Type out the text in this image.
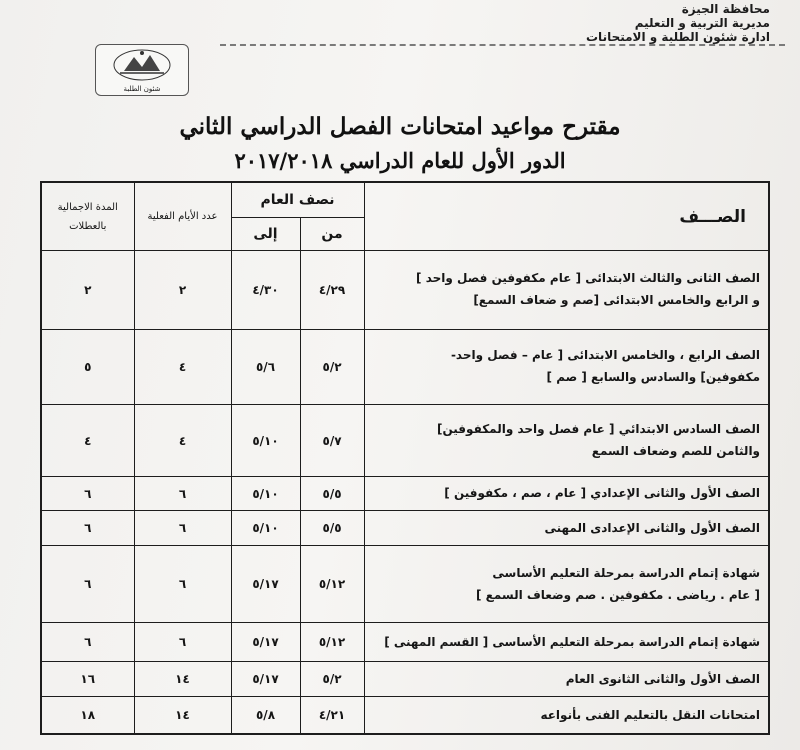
محافظة الجيزة
مديرية التربية و التعليم
ادارة شئون الطلبة و الامتحانات
شئون الطلبة
مقترح مواعيد امتحانات الفصل الدراسي الثاني
الدور الأول للعام الدراسي ٢٠١٧/٢٠١٨
الصـــف	نصف العام		عدد الأيام الفعلية	المدة الاجمالية بالعطلات
	من	إلى		

الصف الثانى والثالث الابتدائى [ عام مكفوفين فصل واحد ]
و الرابع والخامس الابتدائى [صم و ضعاف السمع]	٤/٢٩	٤/٣٠	٢	٢

الصف الرابع ، والخامس الابتدائى [ عام – فصل واحد-
مكفوفين] والسادس والسابع [ صم ]	٥/٢	٥/٦	٤	٥

الصف السادس الابتدائي [ عام فصل واحد والمكفوفين]
والثامن للصم وضعاف السمع	٥/٧	٥/١٠	٤	٤

الصف الأول والثانى الإعدادي [ عام ، صم ، مكفوفين ]	٥/٥	٥/١٠	٦	٦

الصف الأول والثانى الإعدادى المهنى	٥/٥	٥/١٠	٦	٦

شهادة إتمام الدراسة بمرحلة التعليم الأساسى
[ عام . رياضى . مكفوفين . صم وضعاف السمع ]	٥/١٢	٥/١٧	٦	٦

شهادة إتمام الدراسة بمرحلة التعليم الأساسى [ القسم المهنى ]	٥/١٢	٥/١٧	٦	٦

الصف الأول والثانى الثانوى العام	٥/٢	٥/١٧	١٤	١٦

امتحانات النقل بالتعليم الفنى بأنواعه	٤/٢١	٥/٨	١٤	١٨
